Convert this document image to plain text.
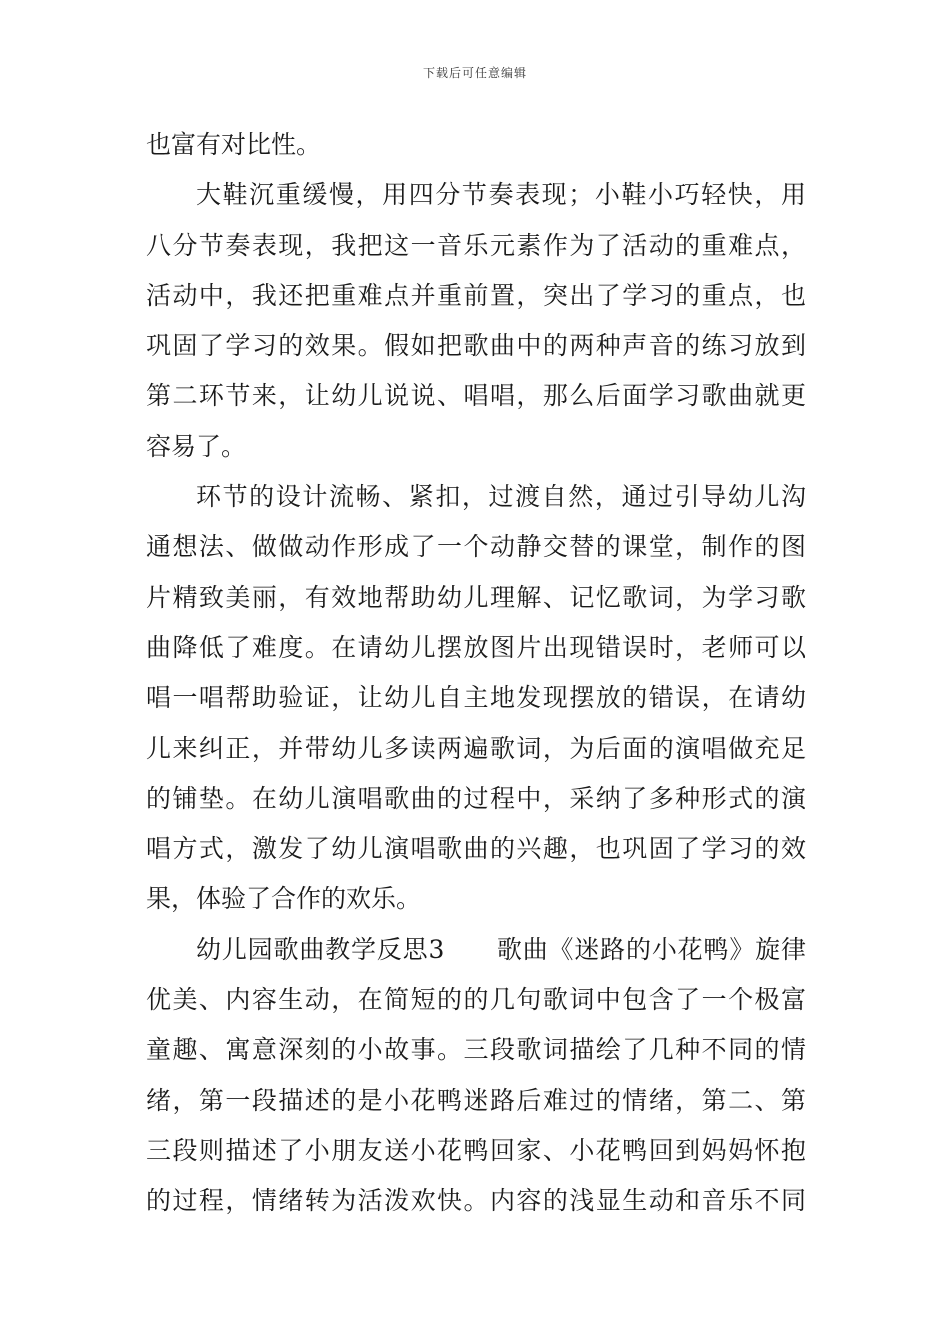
下载后可任意编辑
也富有对比性。
大鞋沉重缓慢，用四分节奏表现；小鞋小巧轻快，用
八分节奏表现，我把这一音乐元素作为了活动的重难点，
活动中，我还把重难点并重前置，突出了学习的重点，也
巩固了学习的效果。假如把歌曲中的两种声音的练习放到
第二环节来，让幼儿说说、唱唱，那么后面学习歌曲就更
容易了。
环节的设计流畅、紧扣，过渡自然，通过引导幼儿沟
通想法、做做动作形成了一个动静交替的课堂，制作的图
片精致美丽，有效地帮助幼儿理解、记忆歌词，为学习歌
曲降低了难度。在请幼儿摆放图片出现错误时，老师可以
唱一唱帮助验证，让幼儿自主地发现摆放的错误，在请幼
儿来纠正，并带幼儿多读两遍歌词，为后面的演唱做充足
的铺垫。在幼儿演唱歌曲的过程中，采纳了多种形式的演
唱方式，激发了幼儿演唱歌曲的兴趣，也巩固了学习的效
果，体验了合作的欢乐。
幼儿园歌曲教学反思3　　歌曲《迷路的小花鸭》旋律
优美、内容生动，在简短的的几句歌词中包含了一个极富
童趣、寓意深刻的小故事。三段歌词描绘了几种不同的情
绪，第一段描述的是小花鸭迷路后难过的情绪，第二、第
三段则描述了小朋友送小花鸭回家、小花鸭回到妈妈怀抱
的过程，情绪转为活泼欢快。内容的浅显生动和音乐不同
